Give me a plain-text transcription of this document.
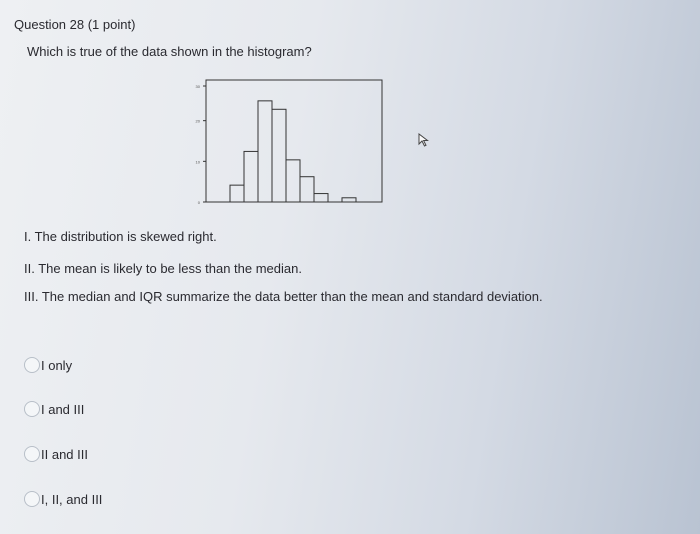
Question 28 (1 point)
Which is true of the data shown in the histogram?
0
10
20
30
I. The distribution is skewed right.
II. The mean is likely to be less than the median.
III. The median and IQR summarize the data better than the mean and standard deviation.
I only
I and III
II and III
I, II, and III
